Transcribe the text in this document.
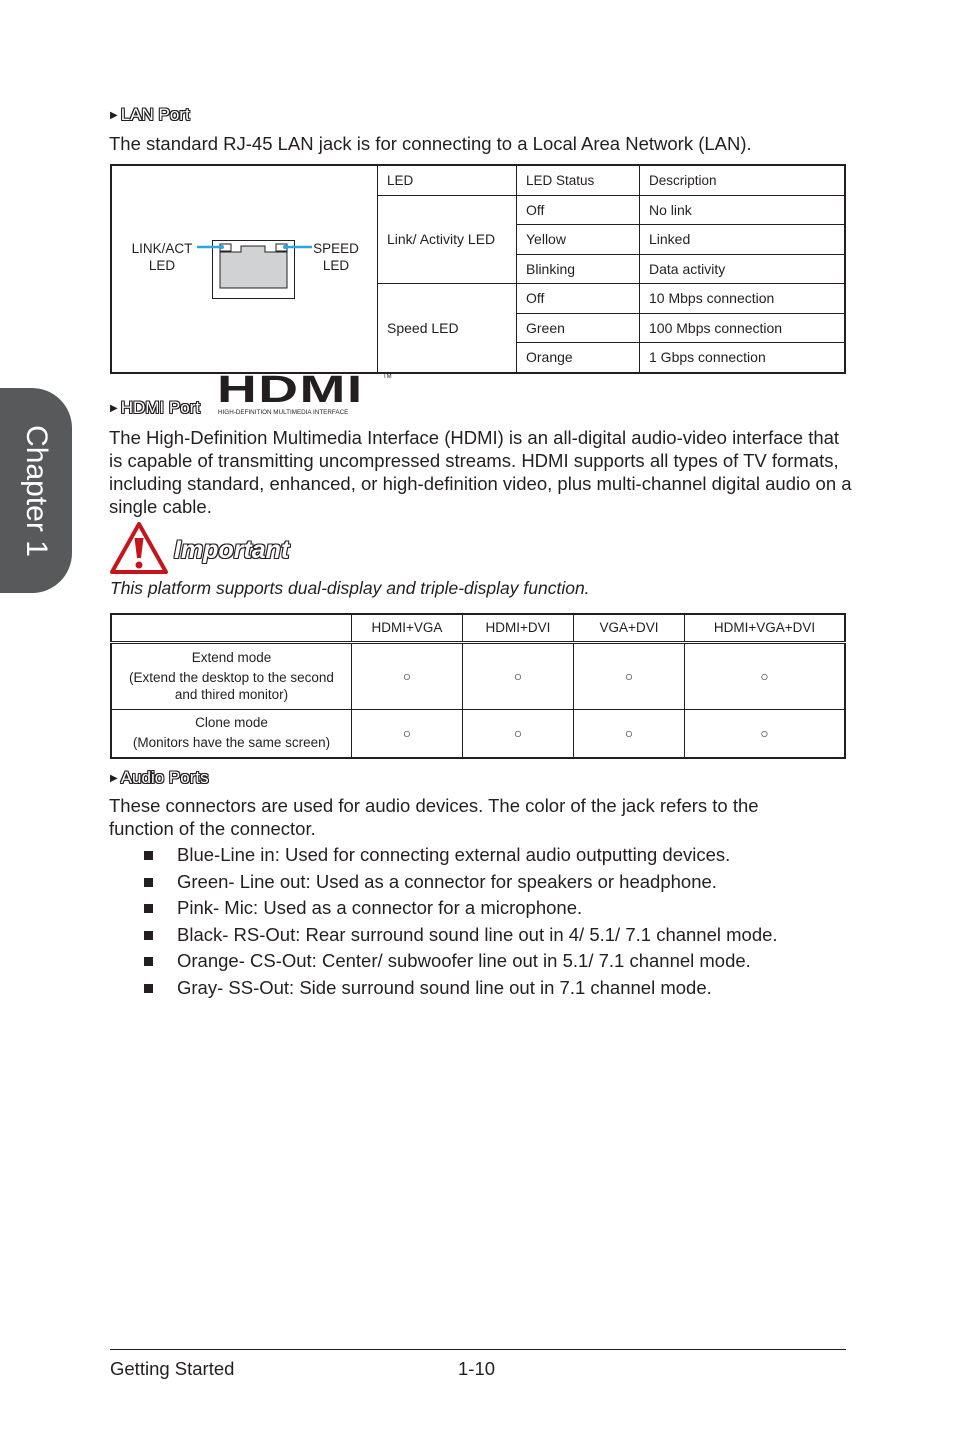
Chapter 1
▶ LAN Port
The standard RJ-45 LAN jack is for connecting to a Local Area Network (LAN).
LINK/ACT
LED
SPEED
LED	LED	LED Status	Description
	Link/ Activity LED	Off	No link
		Yellow	Linked
		Blinking	Data activity
	Speed LED	Off	10 Mbps connection
		Green	100 Mbps connection
		Orange	1 Gbps connection
▶ HDMI Port HDMI	TM
HIGH-DEFINITION MULTIMEDIA INTERFACE
The High-Definition Multimedia Interface (HDMI) is an all-digital audio-video interface that is capable of transmitting uncompressed streams. HDMI supports all types of TV formats, including standard, enhanced, or high-definition video, plus multi-channel digital audio on a single cable.
Important
This platform supports dual-display and triple-display function.
	HDMI+VGA	HDMI+DVI	VGA+DVI	HDMI+VGA+DVI

Extend mode
(Extend the desktop to the second and thired monitor)	○	○	○	○

Clone mode
(Monitors have the same screen)	○	○	○	○
▶ Audio Ports
These connectors are used for audio devices. The color of the jack refers to the function of the connector.
Blue-Line in: Used for connecting external audio outputting devices.
Green- Line out: Used as a connector for speakers or headphone.
Pink- Mic: Used as a connector for a microphone.
Black- RS-Out: Rear surround sound line out in 4/ 5.1/ 7.1 channel mode.
Orange- CS-Out: Center/ subwoofer line out in 5.1/ 7.1 channel mode.
Gray- SS-Out: Side surround sound line out in 7.1 channel mode.
Getting Started	1-10
